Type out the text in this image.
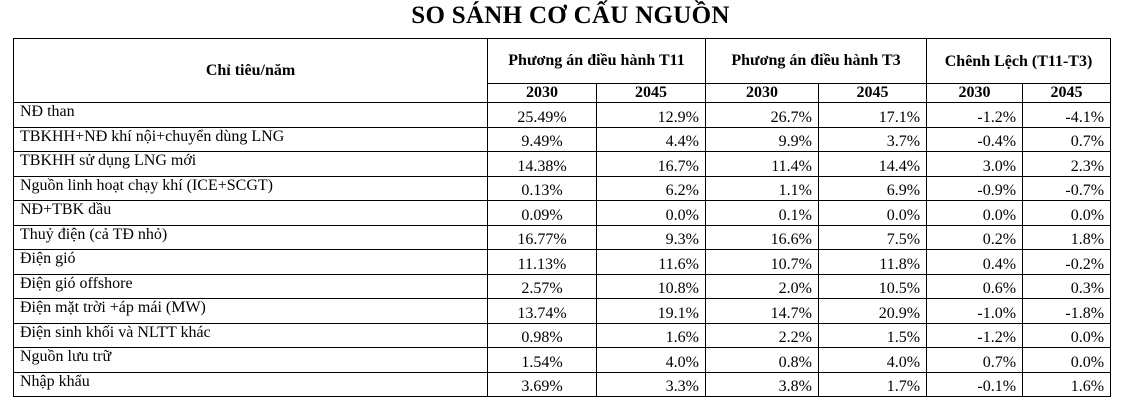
SO SÁNH CƠ CẤU NGUỒN
Chỉ tiêu/năm	Phương án điều hành T11		Phương án điều hành T3		Chênh Lệch (T11-T3)	
	2030	2045	2030	2045	2030	2045
NĐ than	25.49%	12.9%	26.7%	17.1%	-1.2%	-4.1%
TBKHH+NĐ khí nội+chuyển dùng LNG	9.49%	4.4%	9.9%	3.7%	-0.4%	0.7%
TBKHH sử dụng LNG mới	14.38%	16.7%	11.4%	14.4%	3.0%	2.3%
Nguồn linh hoạt chạy khí (ICE+SCGT)	0.13%	6.2%	1.1%	6.9%	-0.9%	-0.7%
NĐ+TBK dầu	0.09%	0.0%	0.1%	0.0%	0.0%	0.0%
Thuỷ điện (cả TĐ nhỏ)	16.77%	9.3%	16.6%	7.5%	0.2%	1.8%
Điện gió	11.13%	11.6%	10.7%	11.8%	0.4%	-0.2%
Điện gió offshore	2.57%	10.8%	2.0%	10.5%	0.6%	0.3%
Điện mặt trời +áp mái (MW)	13.74%	19.1%	14.7%	20.9%	-1.0%	-1.8%
Điện sinh khối và NLTT khác	0.98%	1.6%	2.2%	1.5%	-1.2%	0.0%
Nguồn lưu trữ	1.54%	4.0%	0.8%	4.0%	0.7%	0.0%
Nhập khẩu	3.69%	3.3%	3.8%	1.7%	-0.1%	1.6%
